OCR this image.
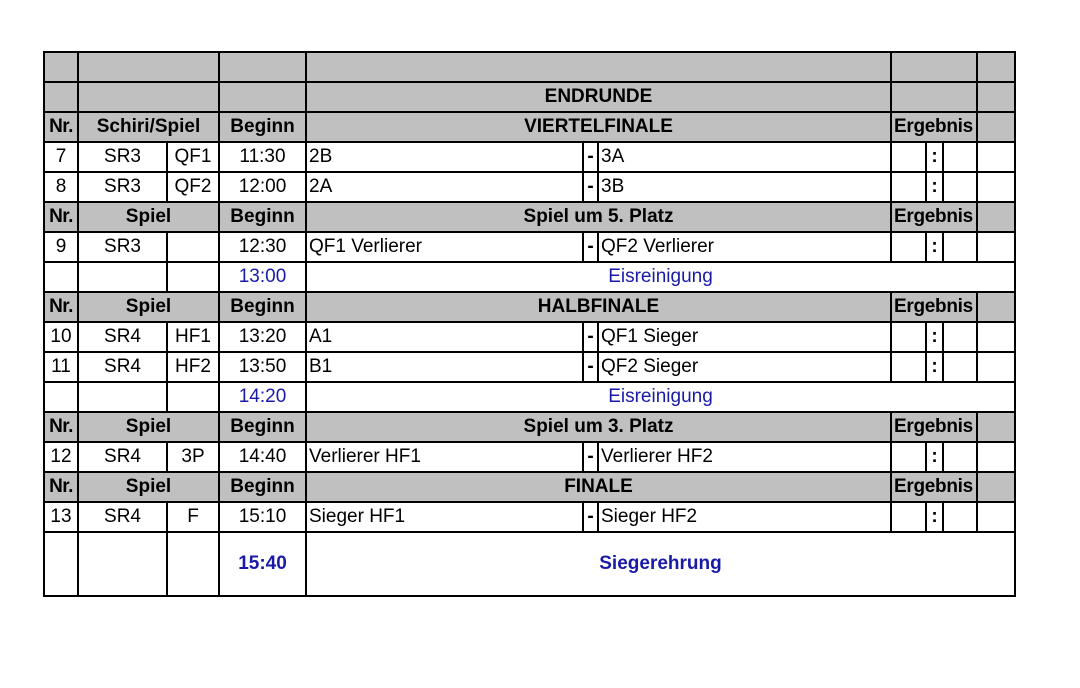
				ENDRUNDE						
Nr.	Schiri/Spiel		Beginn	VIERTELFINALE			Ergebnis			
7	SR3	QF1	11:30	2B	-	3A		:		
8	SR3	QF2	12:00	2A	-	3B		:		
Nr.	Spiel		Beginn	Spiel um 5. Platz			Ergebnis			
9	SR3		12:30	QF1 Verlierer	-	QF2 Verlierer		:		
			13:00	Eisreinigung						
Nr.	Spiel		Beginn	HALBFINALE			Ergebnis			
10	SR4	HF1	13:20	A1	-	QF1 Sieger		:		
11	SR4	HF2	13:50	B1	-	QF2 Sieger		:		
			14:20	Eisreinigung						
Nr.	Spiel		Beginn	Spiel um 3. Platz			Ergebnis			
12	SR4	3P	14:40	Verlierer HF1	-	Verlierer HF2		:		
Nr.	Spiel		Beginn	FINALE			Ergebnis			
13	SR4	F	15:10	Sieger HF1	-	Sieger HF2		:		
			15:40	Siegerehrung						
